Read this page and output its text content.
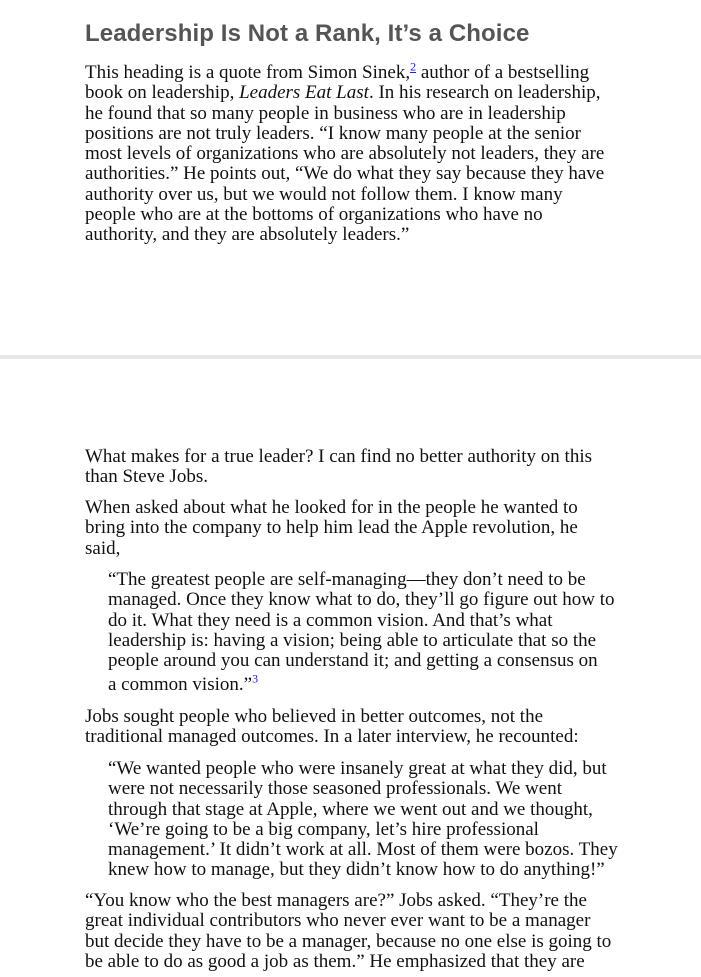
Leadership Is Not a Rank, It’s a Choice
This heading is a quote from Simon Sinek,$^2$ author of a bestselling
book on leadership, Leaders Eat Last. In his research on leadership,
he found that so many people in business who are in leadership
positions are not truly leaders. “I know many people at the senior
most levels of organizations who are absolutely not leaders, they are
authorities.” He points out, “We do what they say because they have
authority over us, but we would not follow them. I know many
people who are at the bottoms of organizations who have no
authority, and they are absolutely leaders.”
What makes for a true leader? I can find no better authority on this
than Steve Jobs.
When asked about what he looked for in the people he wanted to
bring into the company to help him lead the Apple revolution, he
said,
“The greatest people are self-managing—they don’t need to be
managed. Once they know what to do, they’ll go figure out how to
do it. What they need is a common vision. And that’s what
leadership is: having a vision; being able to articulate that so the
people around you can understand it; and getting a consensus on
a common vision.”$^3$
Jobs sought people who believed in better outcomes, not the
traditional managed outcomes. In a later interview, he recounted:
“We wanted people who were insanely great at what they did, but
were not necessarily those seasoned professionals. We went
through that stage at Apple, where we went out and we thought,
‘We’re going to be a big company, let’s hire professional
management.’ It didn’t work at all. Most of them were bozos. They
knew how to manage, but they didn’t know how to do anything!”
“You know who the best managers are?” Jobs asked. “They’re the
great individual contributors who never ever want to be a manager
but decide they have to be a manager, because no one else is going to
be able to do as good a job as them.” He emphasized that they are
